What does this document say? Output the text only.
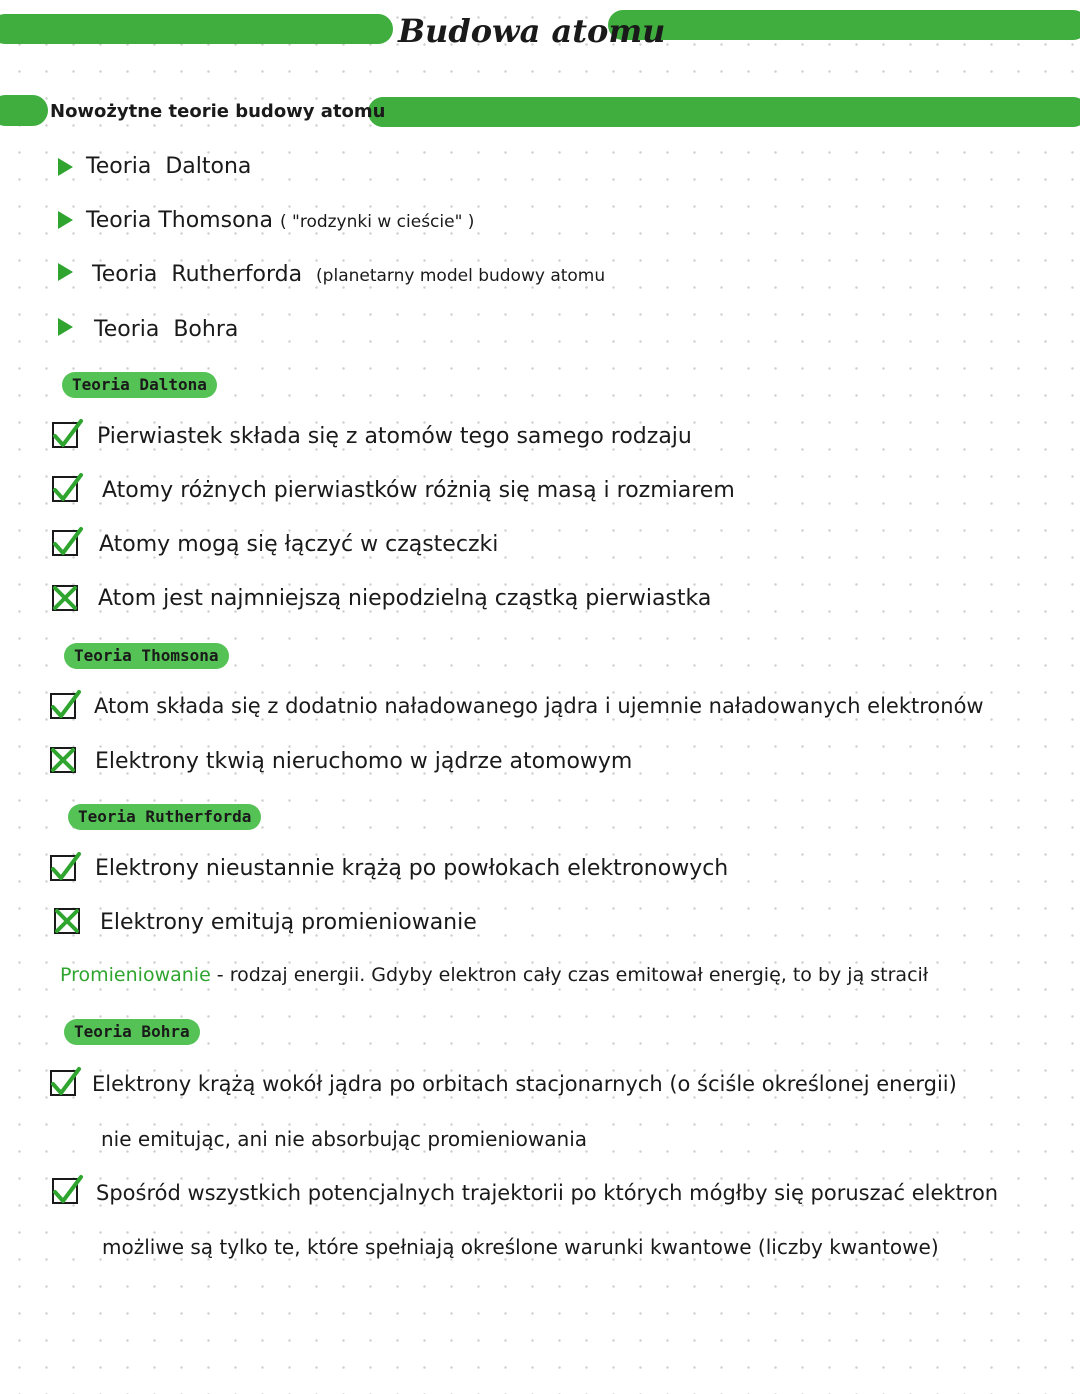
Budowa atomu
Nowożytne teorie budowy atomu
Teoria Daltona
Teoria Thomsona ( "rodzynki w cieście" )
Teoria Rutherforda (planetarny model budowy atomu
Teoria Bohra
Teoria Daltona
Pierwiastek składa się z atomów tego samego rodzaju
Atomy różnych pierwiastków różnią się masą i rozmiarem
Atomy mogą się łączyć w cząsteczki
Atom jest najmniejszą niepodzielną cząstką pierwiastka
Teoria Thomsona
Atom składa się z dodatnio naładowanego jądra i ujemnie naładowanych elektronów
Elektrony tkwią nieruchomo w jądrze atomowym
Teoria Rutherforda
Elektrony nieustannie krążą po powłokach elektronowych
Elektrony emitują promieniowanie
Promieniowanie - rodzaj energii. Gdyby elektron cały czas emitował energię, to by ją stracił
Teoria Bohra
Elektrony krążą wokół jądra po orbitach stacjonarnych (o ściśle określonej energii)
nie emitując, ani nie absorbując promieniowania
Spośród wszystkich potencjalnych trajektorii po których mógłby się poruszać elektron
możliwe są tylko te, które spełniają określone warunki kwantowe (liczby kwantowe)
